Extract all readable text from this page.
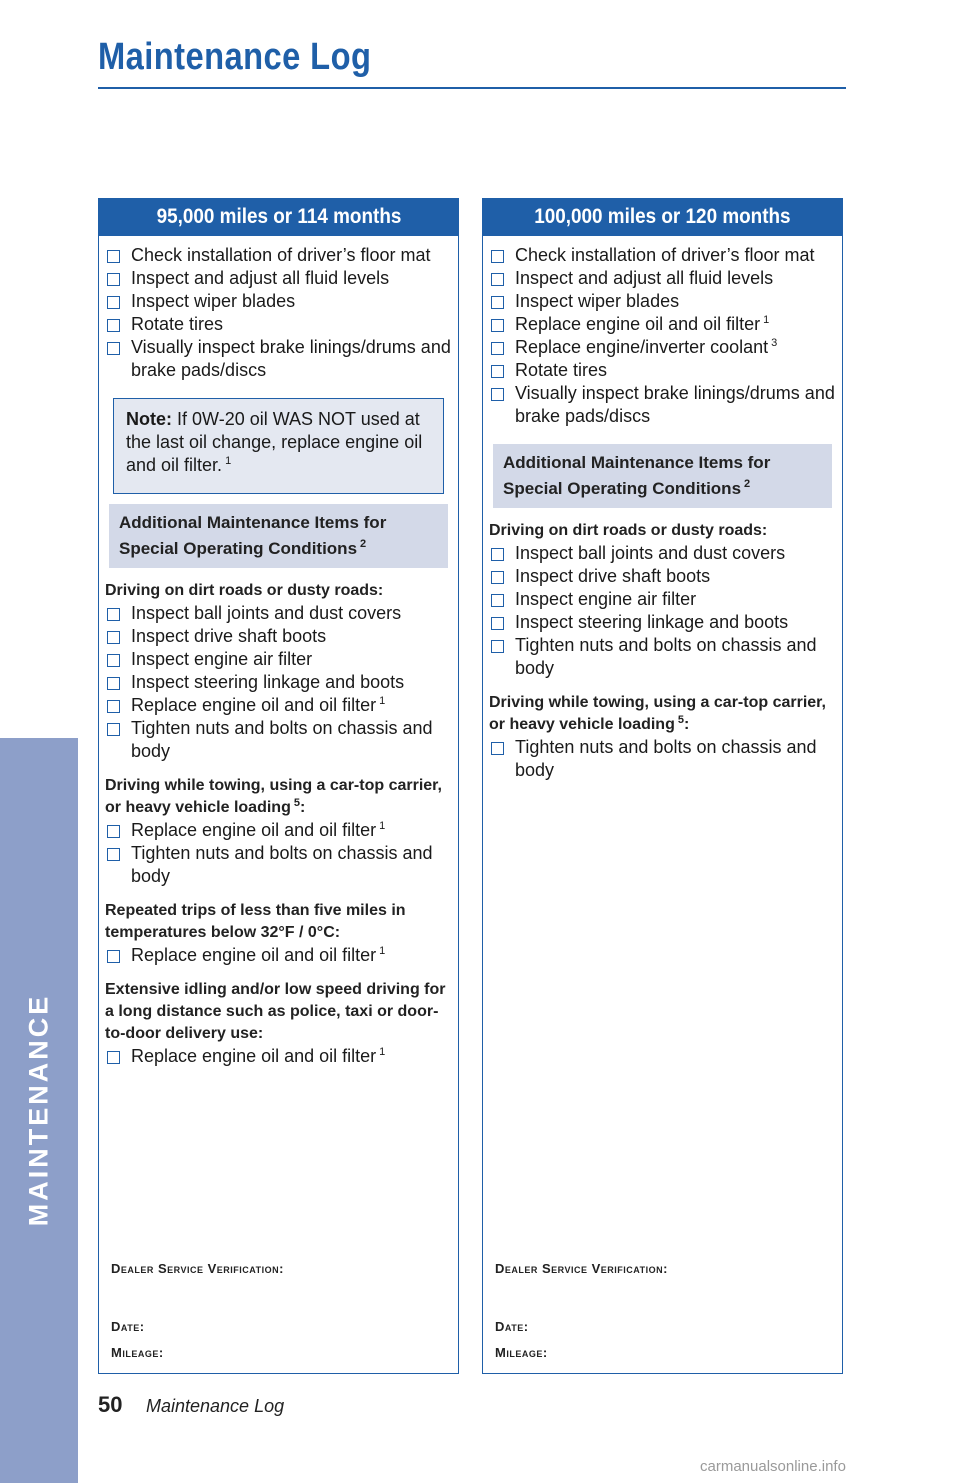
Maintenance Log
MAINTENANCE
95,000 miles or 114 months
Check installation of driver’s floor mat
Inspect and adjust all fluid levels
Inspect wiper blades
Rotate tires
Visually inspect brake linings/drums and brake pads/discs
Note: If 0W-20 oil WAS NOT used at the last oil change, replace engine oil and oil filter. $^1$
Additional Maintenance Items for Special Operating Conditions $^2$
Driving on dirt roads or dusty roads:
Inspect ball joints and dust covers
Inspect drive shaft boots
Inspect engine air filter
Inspect steering linkage and boots
Replace engine oil and oil filter $^1$
Tighten nuts and bolts on chassis and body
Driving while towing, using a car-top carrier, or heavy vehicle loading $^5$:
Replace engine oil and oil filter $^1$
Tighten nuts and bolts on chassis and body
Repeated trips of less than five miles in temperatures below 32°F / 0°C:
Replace engine oil and oil filter $^1$
Extensive idling and/or low speed driving for a long distance such as police, taxi or door-to-door delivery use:
Replace engine oil and oil filter $^1$
Dealer Service Verification:
Date:
Mileage:
100,000 miles or 120 months
Check installation of driver’s floor mat
Inspect and adjust all fluid levels
Inspect wiper blades
Replace engine oil and oil filter $^1$
Replace engine/inverter coolant $^3$
Rotate tires
Visually inspect brake linings/drums and brake pads/discs
Additional Maintenance Items for Special Operating Conditions $^2$
Driving on dirt roads or dusty roads:
Inspect ball joints and dust covers
Inspect drive shaft boots
Inspect engine air filter
Inspect steering linkage and boots
Tighten nuts and bolts on chassis and body
Driving while towing, using a car-top carrier, or heavy vehicle loading $^5$:
Tighten nuts and bolts on chassis and body
Dealer Service Verification:
Date:
Mileage:
50 Maintenance Log
carmanualsonline.info
